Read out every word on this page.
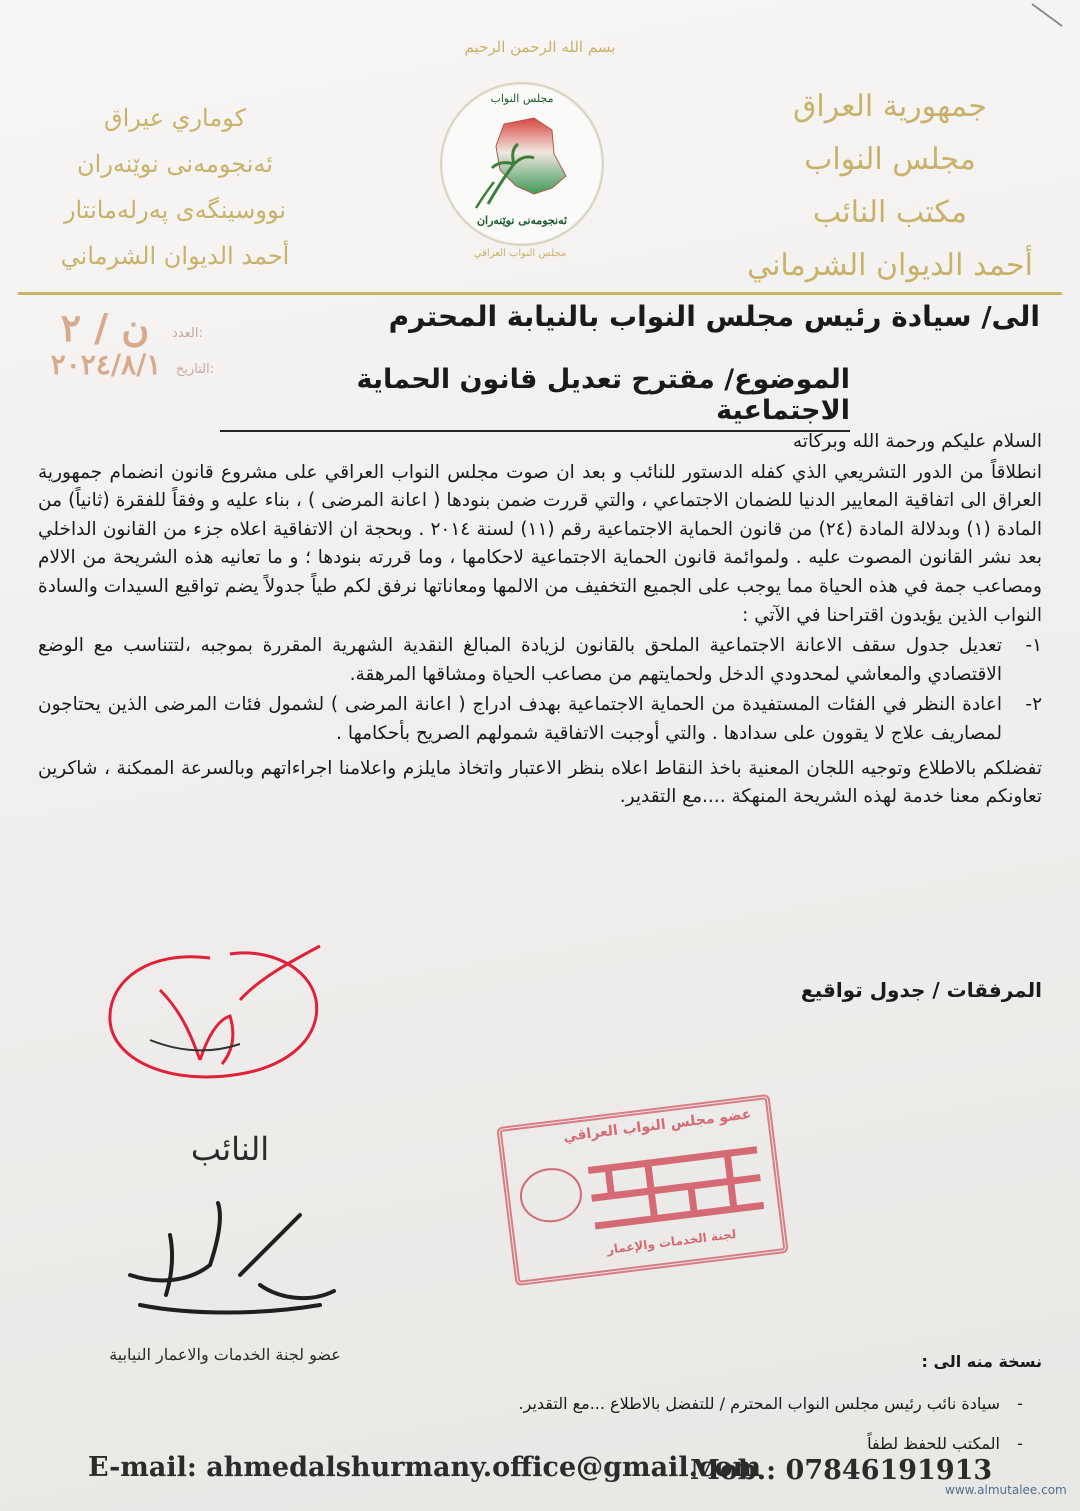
بسم الله الرحمن الرحيم
جمهورية العراق
مجلس النواب
مكتب النائب
أحمد الديوان الشرماني
كوماري عيراق
ئه‌نجومه‌نی نوێنه‌ران
نووسینگه‌ی پەرله‌مانتار
أحمد الديوان الشرماني
مجلس النواب
ئه‌نجومه‌نی نوێنه‌ران
مجلس النواب العراقي
العدد:
ن / ٢
التاريخ:
٢٠٢٤/٨/١
الى/ سيادة رئيس مجلس النواب بالنيابة المحترم
الموضوع/ مقترح تعديل قانون الحماية الاجتماعية

السلام عليكم ورحمة الله وبركاته

انطلاقاً من الدور التشريعي الذي كفله الدستور للنائب و بعد ان صوت مجلس النواب العراقي على مشروع قانون انضمام جمهورية العراق الى اتفاقية المعايير الدنيا للضمان الاجتماعي ، والتي قررت ضمن بنودها ( اعانة المرضى ) ، بناء عليه و وفقاً للفقرة (ثانياً) من المادة (١) وبدلالة المادة (٢٤) من قانون الحماية الاجتماعية رقم (١١) لسنة ٢٠١٤ . وبحجة ان الاتفاقية اعلاه جزء من القانون الداخلي بعد نشر القانون المصوت عليه . ولموائمة قانون الحماية الاجتماعية لاحكامها ، وما قررته بنودها ؛ و ما تعانيه هذه الشريحة من الالام ومصاعب جمة في هذه الحياة مما يوجب على الجميع التخفيف من الالمها ومعاناتها نرفق لكم طياً جدولاً يضم تواقيع السيدات والسادة النواب الذين يؤيدون اقتراحنا في الآتي :

١-
تعديل جدول سقف الاعانة الاجتماعية الملحق بالقانون لزيادة المبالغ النقدية الشهرية المقررة بموجبه ،لتتناسب مع الوضع الاقتصادي والمعاشي لمحدودي الدخل ولحمايتهم من مصاعب الحياة ومشاقها المرهقة.

٢-
اعادة النظر في الفئات المستفيدة من الحماية الاجتماعية بهدف ادراج ( اعانة المرضى ) لشمول فئات المرضى الذين يحتاجون لمصاريف علاج لا يقوون على سدادها . والتي أوجبت الاتفاقية شمولهم الصريح بأحكامها .

تفضلكم بالاطلاع وتوجيه اللجان المعنية باخذ النقاط اعلاه بنظر الاعتبار واتخاذ مايلزم واعلامنا اجراءاتهم وبالسرعة الممكنة ، شاكرين تعاونكم معنا خدمة لهذه الشريحة المنهكة ....مع التقدير.

المرفقات / جدول تواقيع
النائب
عضو لجنة الخدمات والاعمار النيابية
عضو مجلس النواب العراقي
لجنة الخدمات والإعمار
نسخة منه الى :
-
سيادة نائب رئيس مجلس النواب المحترم / للتفضل بالاطلاع ...مع التقدير.
-
المكتب للحفظ لطفاً
E-mail: ahmedalshurmany.office@gmail.com
Mob.: 07846191913
www.almutalee.com
